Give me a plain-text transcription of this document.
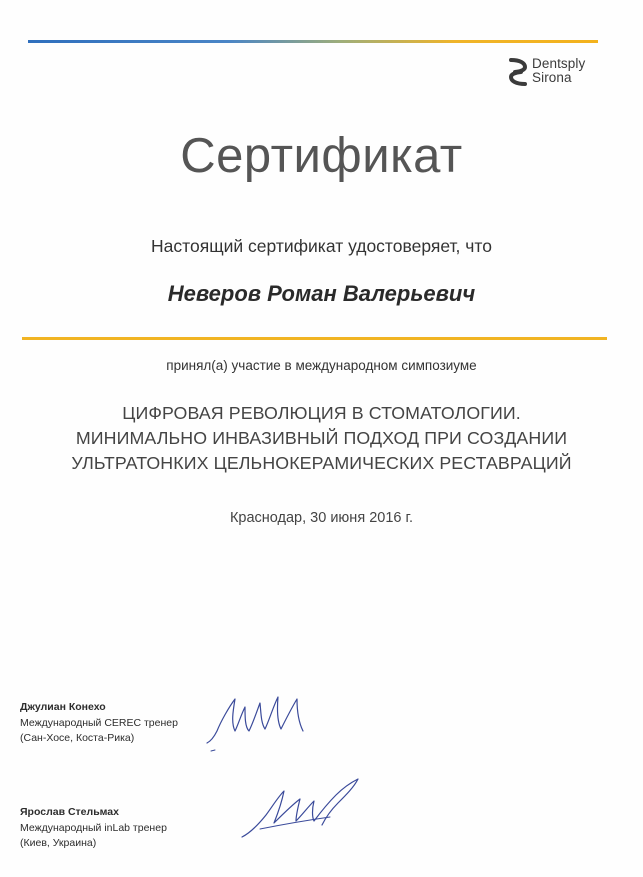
Dentsply
Sirona
Сертификат
Настоящий сертификат удостоверяет, что
Неверов Роман Валерьевич
принял(а) участие в международном симпозиуме
ЦИФРОВАЯ РЕВОЛЮЦИЯ В СТОМАТОЛОГИИ.
МИНИМАЛЬНО ИНВАЗИВНЫЙ ПОДХОД ПРИ СОЗДАНИИ
УЛЬТРАТОНКИХ ЦЕЛЬНОКЕРАМИЧЕСКИХ РЕСТАВРАЦИЙ
Краснодар, 30 июня 2016 г.
Джулиан Конехо
Международный CEREC тренер
(Сан-Хосе, Коста-Рика)
Ярослав Стельмах
Международный inLab тренер
(Киев, Украина)
